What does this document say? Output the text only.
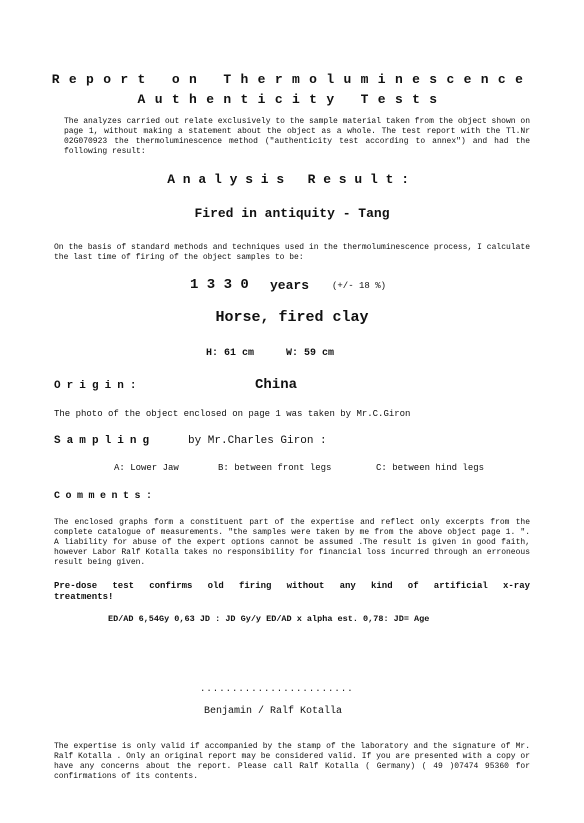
Report on Thermoluminescence
Authenticity Tests
The analyzes carried out relate exclusively to the sample material taken from the object shown on page 1, without making a statement about the object as a whole. The test report with the Tl.Nr 02G070923 the thermoluminescence method ("authenticity test according to annex") and had the following result:
Analysis Result:
Fired in antiquity - Tang
On the basis of standard methods and techniques used in the thermoluminescence process, I calculate the last time of firing of the object samples to be:
1 3 3 0 years	(+/- 18 %)
Horse, fired clay
H: 61 cm	W: 59 cm
Origin:	China
The photo of the object enclosed on page 1 was taken by Mr.C.Giron
Sampling	by Mr.Charles Giron :
A: Lower Jaw	B: between front legs	C: between hind legs
Comments:
The enclosed graphs form a constituent part of the expertise and reflect only excerpts from the complete catalogue of measurements. "the samples were taken by me from the above object page 1. ". A liability for abuse of the expert options cannot be assumed .The result is given in good faith, however Labor Ralf Kotalla takes no responsibility for financial loss incurred through an erroneous result being given.
Pre-dose test confirms old firing without any kind of artificial x-ray treatments!
ED/AD 6,54Gy 0,63 JD : JD Gy/y ED/AD x alpha est. 0,78: JD= Age
........................
Benjamin / Ralf Kotalla
The expertise is only valid if accompanied by the stamp of the laboratory and the signature of Mr. Ralf Kotalla . Only an original report may be considered valid. If you are presented with a copy or have any concerns about the report. Please call Ralf Kotalla ( Germany) ( 49 )07474 95360 for confirmations of its contents.
